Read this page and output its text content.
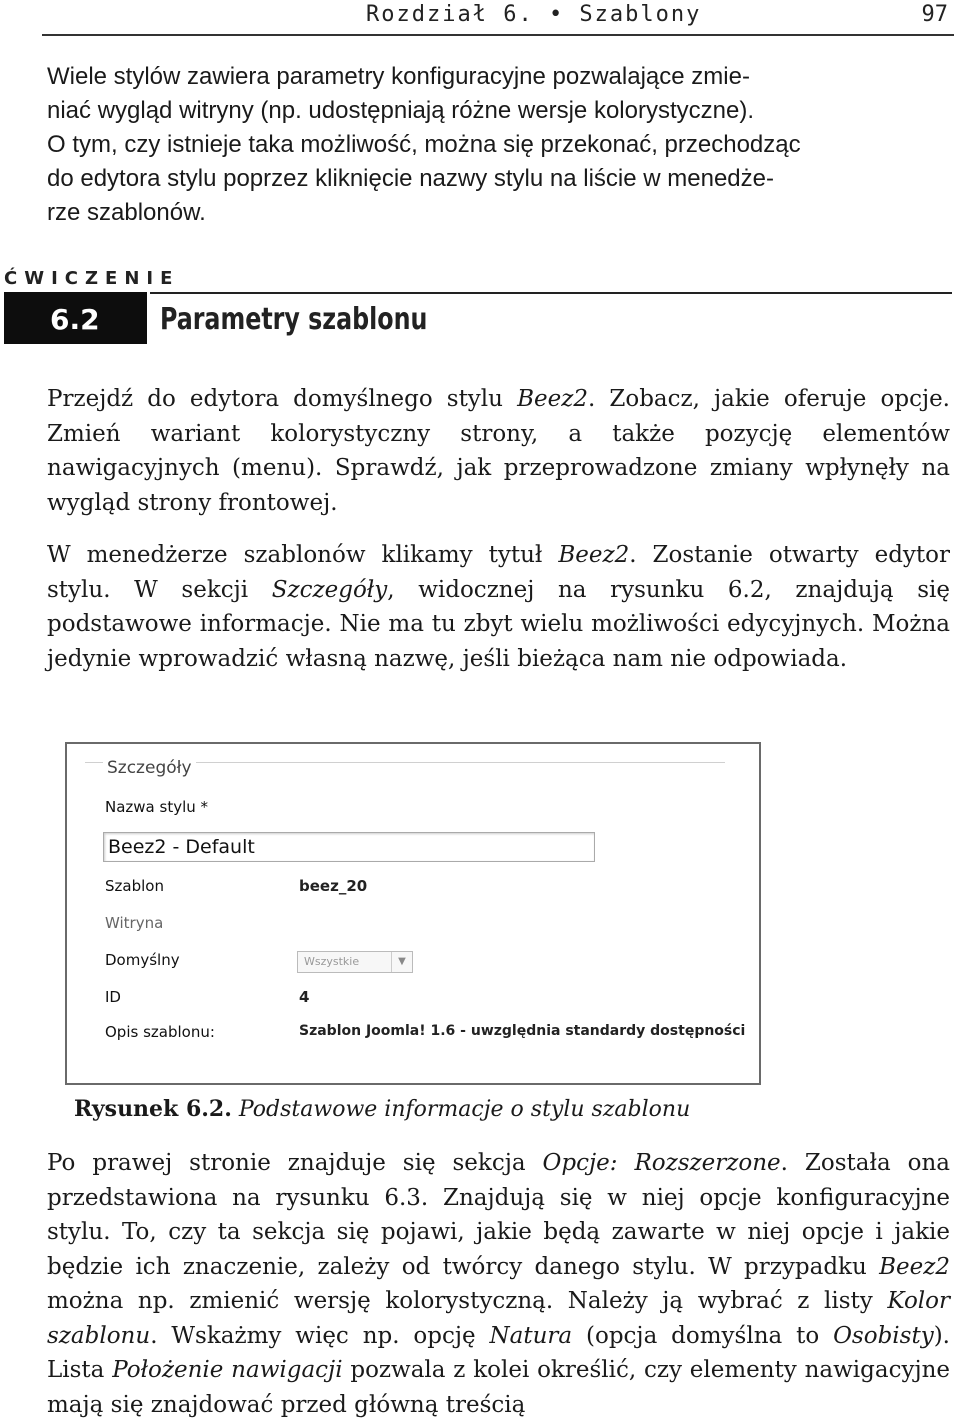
Rozdział 6. • Szablony	97
Wiele stylów zawiera parametry konfiguracyjne pozwalające zmie-
niać wygląd witryny (np. udostępniają różne wersje kolorystyczne).
O tym, czy istnieje taka możliwość, można się przekonać, przechodząc
do edytora stylu poprzez kliknięcie nazwy stylu na liście w menedże-
rze szablonów.
ĆWICZENIE
6.2	Parametry szablonu
Przejdź do edytora domyślnego stylu Beez2. Zobacz, jakie oferuje opcje. Zmień wariant kolorystyczny strony, a także pozycję elementów nawigacyjnych (menu). Sprawdź, jak przeprowadzone zmiany wpłynęły na wygląd strony frontowej.
W menedżerze szablonów klikamy tytuł Beez2. Zostanie otwarty edytor stylu. W sekcji Szczegóły, widocznej na rysunku 6.2, znajdują się podstawowe informacje. Nie ma tu zbyt wielu możliwości edycyjnych. Można jedynie wprowadzić własną nazwę, jeśli bieżąca nam nie odpowiada.
Szczegóły
Nazwa stylu *
Beez2 - Default
Szablon	beez_20
Witryna
Domyślny	Wszystkie	▼
ID	4
Opis szablonu:	Szablon Joomla! 1.6 - uwzględnia standardy dostępności
Rysunek 6.2. Podstawowe informacje o stylu szablonu
Po prawej stronie znajduje się sekcja Opcje: Rozszerzone. Została ona przedstawiona na rysunku 6.3. Znajdują się w niej opcje konfiguracyjne stylu. To, czy ta sekcja się pojawi, jakie będą zawarte w niej opcje i jakie będzie ich znaczenie, zależy od twórcy danego stylu. W przypadku Beez2 można np. zmienić wersję kolorystyczną. Należy ją wybrać z listy Kolor szablonu. Wskażmy więc np. opcję Natura (opcja domyślna to Osobisty). Lista Położenie nawigacji pozwala z kolei określić, czy elementy nawigacyjne mają się znajdować przed główną treścią
